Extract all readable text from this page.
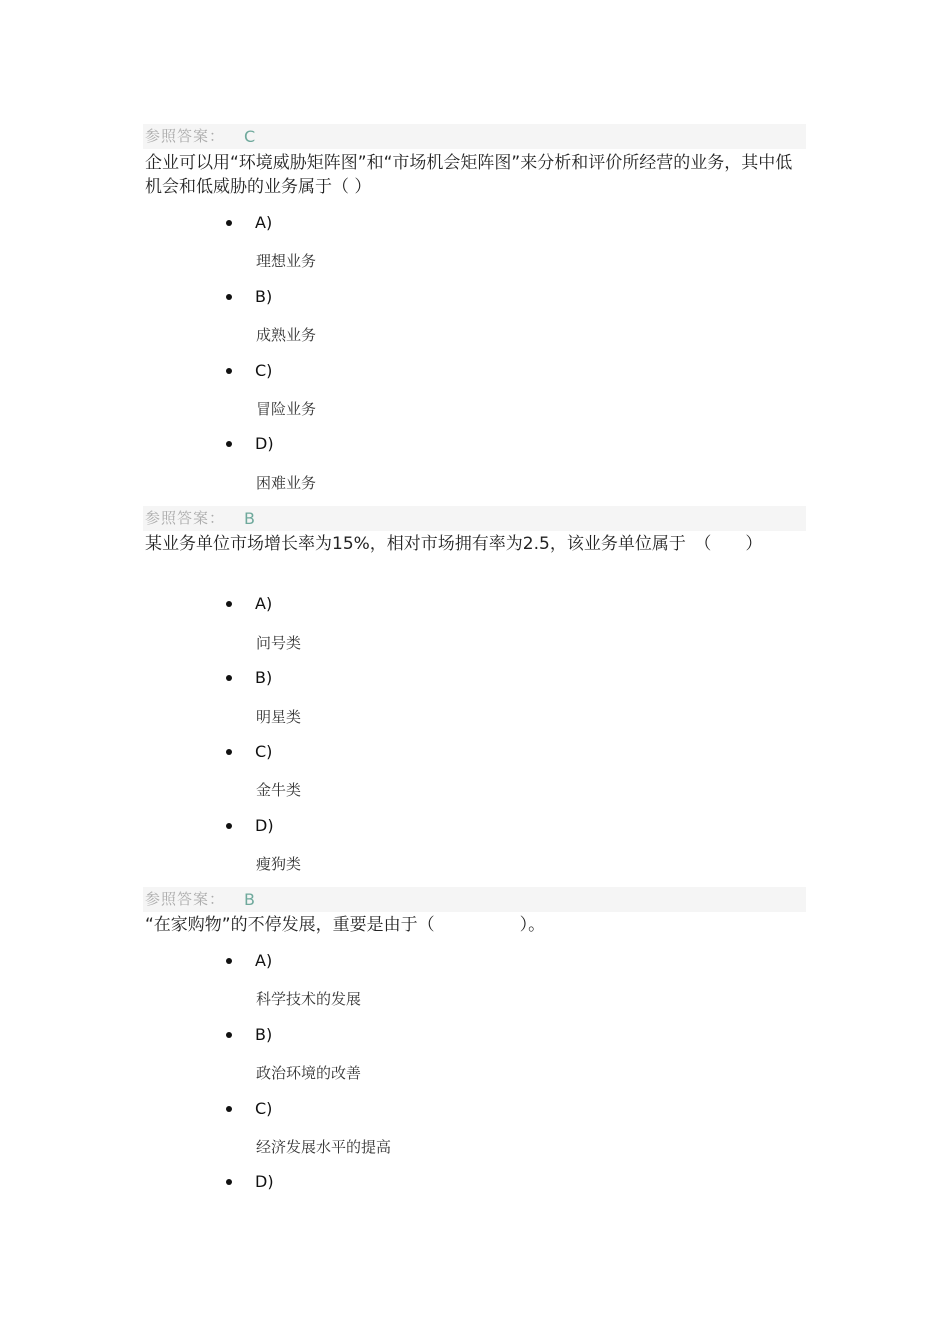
参照答案： C

企业可以用“环境威胁矩阵图”和“市场机会矩阵图”来分析和评价所经营的业务，其中低机会和低威胁的业务属于（ ）

A)
理想业务
B)
成熟业务
C)
冒险业务
D)
困难业务
参照答案： B

某业务单位市场增长率为15%，相对市场拥有率为2.5，该业务单位属于　（　　）

A)
问号类
B)
明星类
C)
金牛类
D)
瘦狗类
参照答案： B

“在家购物”的不停发展，重要是由于（　　　　　）。

A)
科学技术的发展
B)
政治环境的改善
C)
经济发展水平的提高
D)
